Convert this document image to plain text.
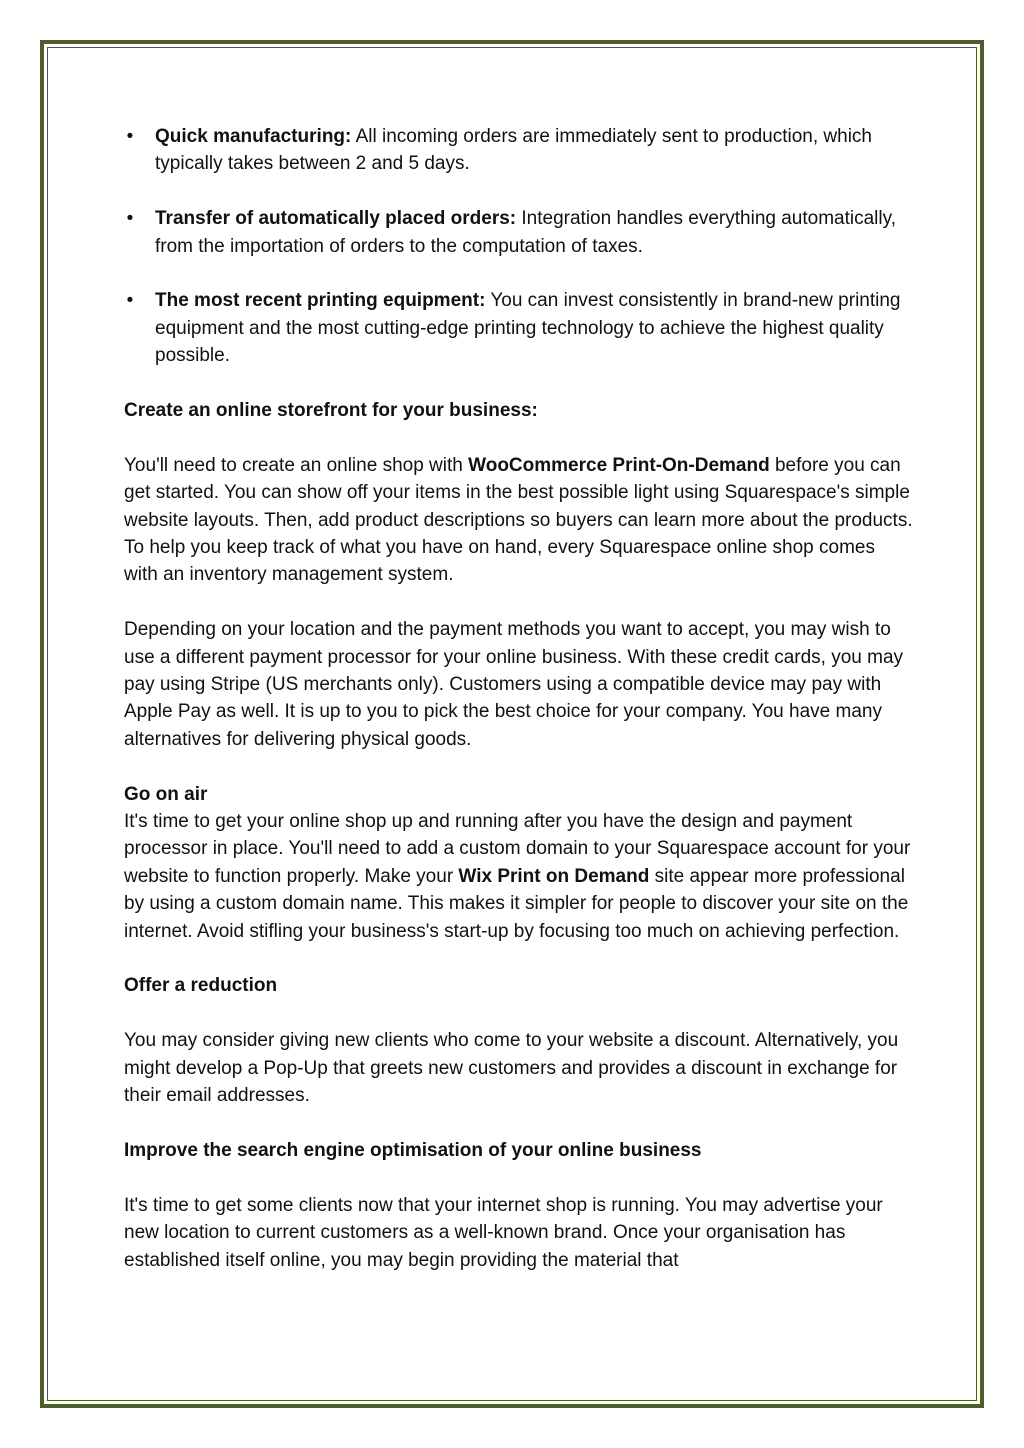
• Quick manufacturing: All incoming orders are immediately sent to production, which typically takes between 2 and 5 days.

• Transfer of automatically placed orders: Integration handles everything automatically, from the importation of orders to the computation of taxes.

• The most recent printing equipment: You can invest consistently in brand-new printing equipment and the most cutting-edge printing technology to achieve the highest quality possible.

Create an online storefront for your business:

You'll need to create an online shop with WooCommerce Print-On-Demand before you can get started. You can show off your items in the best possible light using Squarespace's simple website layouts. Then, add product descriptions so buyers can learn more about the products. To help you keep track of what you have on hand, every Squarespace online shop comes with an inventory management system.

Depending on your location and the payment methods you want to accept, you may wish to use a different payment processor for your online business. With these credit cards, you may pay using Stripe (US merchants only). Customers using a compatible device may pay with Apple Pay as well. It is up to you to pick the best choice for your company. You have many alternatives for delivering physical goods.

Go on air

It's time to get your online shop up and running after you have the design and payment processor in place. You'll need to add a custom domain to your Squarespace account for your website to function properly. Make your Wix Print on Demand site appear more professional by using a custom domain name. This makes it simpler for people to discover your site on the internet. Avoid stifling your business's start-up by focusing too much on achieving perfection.

Offer a reduction

You may consider giving new clients who come to your website a discount. Alternatively, you might develop a Pop-Up that greets new customers and provides a discount in exchange for their email addresses.

Improve the search engine optimisation of your online business

It's time to get some clients now that your internet shop is running. You may advertise your new location to current customers as a well-known brand. Once your organisation has established itself online, you may begin providing the material that
